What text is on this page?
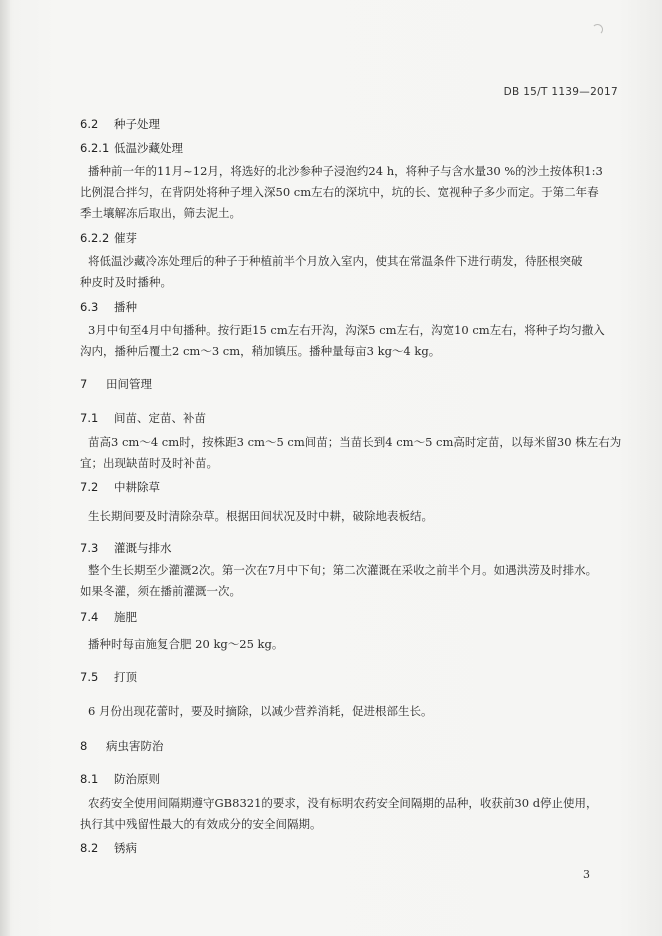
DB 15/T 1139—2017
6.2 种子处理
6.2.1 低温沙藏处理
播种前一年的11月~12月，将选好的北沙参种子浸泡约24 h，将种子与含水量30 %的沙土按体积1:3
比例混合拌匀，在背阴处将种子埋入深50 cm左右的深坑中，坑的长、宽视种子多少而定。于第二年春
季土壤解冻后取出，筛去泥土。
6.2.2 催芽
将低温沙藏冷冻处理后的种子于种植前半个月放入室内，使其在常温条件下进行萌发，待胚根突破
种皮时及时播种。
6.3 播种
3月中旬至4月中旬播种。按行距15 cm左右开沟，沟深5 cm左右，沟宽10 cm左右，将种子均匀撒入
沟内，播种后覆土2 cm～3 cm，稍加镇压。播种量每亩3 kg～4 kg。
7 田间管理
7.1 间苗、定苗、补苗
苗高3 cm～4 cm时，按株距3 cm～5 cm间苗；当苗长到4 cm～5 cm高时定苗，以每米留30 株左右为
宜；出现缺苗时及时补苗。
7.2 中耕除草
生长期间要及时清除杂草。根据田间状况及时中耕，破除地表板结。
7.3 灌溉与排水
整个生长期至少灌溉2次。第一次在7月中下旬；第二次灌溉在采收之前半个月。如遇洪涝及时排水。
如果冬灌，须在播前灌溉一次。
7.4 施肥
播种时每亩施复合肥 20 kg～25 kg。
7.5 打顶
6 月份出现花蕾时，要及时摘除，以减少营养消耗，促进根部生长。
8 病虫害防治
8.1 防治原则
农药安全使用间隔期遵守GB8321的要求，没有标明农药安全间隔期的品种，收获前30 d停止使用，
执行其中残留性最大的有效成分的安全间隔期。
8.2 锈病
3
